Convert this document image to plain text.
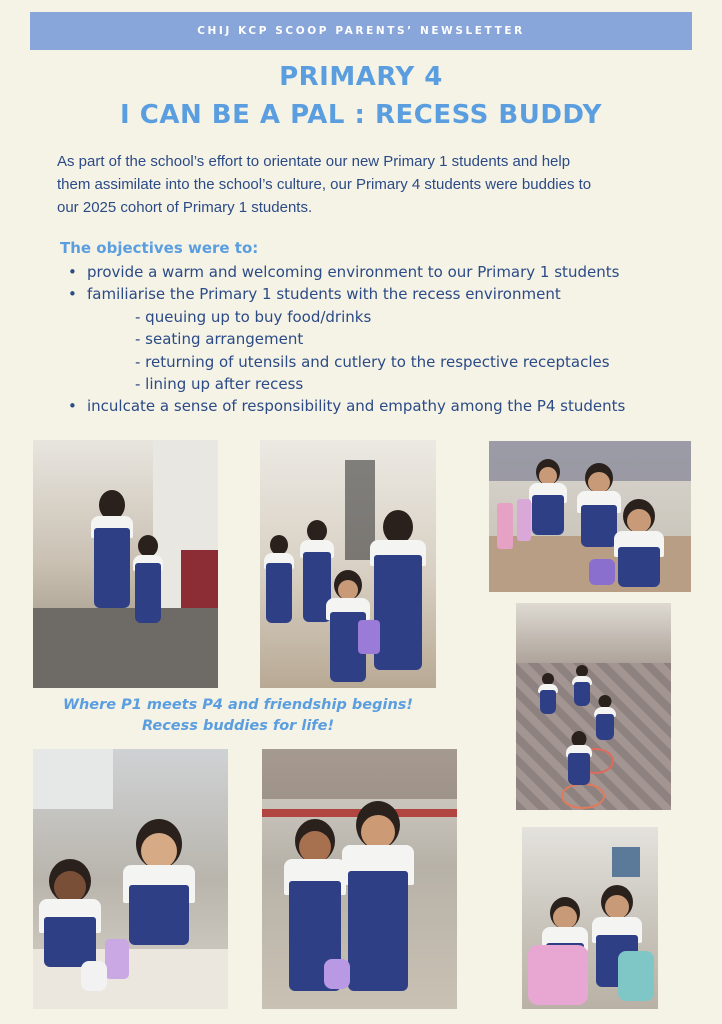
CHIJ KCP SCOOP PARENTS’ NEWSLETTER
PRIMARY 4
I CAN BE A PAL : RECESS BUDDY
As part of the school’s effort to orientate our new Primary 1 students and help
them assimilate into the school’s culture, our Primary 4 students were buddies to
our 2025 cohort of Primary 1 students.
The objectives were to:
• provide a warm and welcoming environment to our Primary 1 students
• familiarise the Primary 1 students with the recess environment
- queuing up to buy food/drinks
- seating arrangement
- returning of utensils and cutlery to the respective receptacles
- lining up after recess
• inculcate a sense of responsibility and empathy among the P4 students
Where P1 meets P4 and friendship begins!
Recess buddies for life!
